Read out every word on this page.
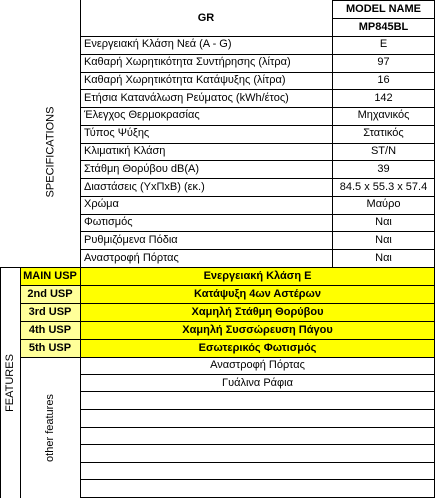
GR
MODEL NAME
MP845BL
SPECIFICATIONS
FEATURES
other features
Ενεργειακή Κλάση Νεά (A - G)	E
Καθαρή Χωρητικότητα Συντήρησης (λίτρα)	97
Καθαρή Χωρητικότητα Κατάψυξης (λίτρα)	16
Ετήσια Κατανάλωση Ρεύματος (kWh/έτος)	142
Έλεγχος Θερμοκρασίας	Μηχανικός
Τύπος Ψύξης	Στατικός
Κλιματική Κλάση	ST/N
Στάθμη Θορύβου dB(A)	39
Διαστάσεις (ΥxΠxΒ) (εκ.)	84.5 x 55.3 x 57.4
Χρώμα	Μαύρο
Φωτισμός	Ναι
Ρυθμιζόμενα Πόδια	Ναι
Αναστροφή Πόρτας	Ναι
MAIN USP	Ενεργειακή Κλάση Ε
2nd USP	Κατάψυξη 4ων Αστέρων
3rd USP	Χαμηλή Στάθμη Θορύβου
4th USP	Χαμηλή Συσσώρευση Πάγου
5th USP	Εσωτερικός Φωτισμός
Αναστροφή Πόρτας
Γυάλινα Ράφια
